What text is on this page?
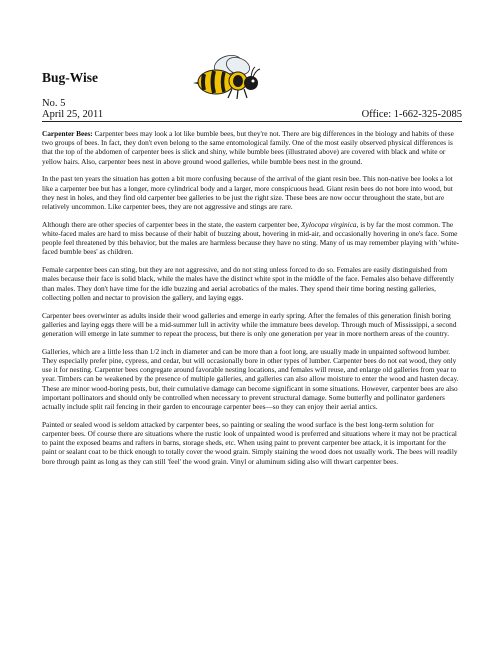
Bug-Wise
No. 5
April 25, 2011	Office: 1-662-325-2085

Carpenter Bees: Carpenter bees may look a lot like bumble bees, but they're not. There are big differences in the biology and habits of these two groups of bees. In fact, they don't even belong to the same entomological family. One of the most easily observed physical differences is that the top of the abdomen of carpenter bees is slick and shiny, while bumble bees (illustrated above) are covered with black and white or yellow hairs. Also, carpenter bees nest in above ground wood galleries, while bumble bees nest in the ground.

In the past ten years the situation has gotten a bit more confusing because of the arrival of the giant resin bee. This non-native bee looks a lot like a carpenter bee but has a longer, more cylindrical body and a larger, more conspicuous head. Giant resin bees do not bore into wood, but they nest in holes, and they find old carpenter bee galleries to be just the right size. These bees are now occur throughout the state, but are relatively uncommon. Like carpenter bees, they are not aggressive and stings are rare.

Although there are other species of carpenter bees in the state, the eastern carpenter bee, Xylocopa virginica, is by far the most common. The white-faced males are hard to miss because of their habit of buzzing about, hovering in mid-air, and occasionally hovering in one's face. Some people feel threatened by this behavior, but the males are harmless because they have no sting. Many of us may remember playing with 'white-faced bumble bees' as children.

Female carpenter bees can sting, but they are not aggressive, and do not sting unless forced to do so. Females are easily distinguished from males because their face is solid black, while the males have the distinct white spot in the middle of the face. Females also behave differently than males. They don't have time for the idle buzzing and aerial acrobatics of the males. They spend their time boring nesting galleries, collecting pollen and nectar to provision the gallery, and laying eggs.

Carpenter bees overwinter as adults inside their wood galleries and emerge in early spring. After the females of this generation finish boring galleries and laying eggs there will be a mid-summer lull in activity while the immature bees develop. Through much of Mississippi, a second generation will emerge in late summer to repeat the process, but there is only one generation per year in more northern areas of the country.

Galleries, which are a little less than 1/2 inch in diameter and can be more than a foot long, are usually made in unpainted softwood lumber. They especially prefer pine, cypress, and cedar, but will occasionally bore in other types of lumber. Carpenter bees do not eat wood, they only use it for nesting. Carpenter bees congregate around favorable nesting locations, and females will reuse, and enlarge old galleries from year to year. Timbers can be weakened by the presence of multiple galleries, and galleries can also allow moisture to enter the wood and hasten decay. These are minor wood-boring pests, but, their cumulative damage can become significant in some situations. However, carpenter bees are also important pollinators and should only be controlled when necessary to prevent structural damage. Some butterfly and pollinator gardeners actually include split rail fencing in their garden to encourage carpenter bees—so they can enjoy their aerial antics.

Painted or sealed wood is seldom attacked by carpenter bees, so painting or sealing the wood surface is the best long-term solution for carpenter bees. Of course there are situations where the rustic look of unpainted wood is preferred and situations where it may not be practical to paint the exposed beams and rafters in barns, storage sheds, etc. When using paint to prevent carpenter bee attack, it is important for the paint or sealant coat to be thick enough to totally cover the wood grain. Simply staining the wood does not usually work. The bees will readily bore through paint as long as they can still 'feel' the wood grain. Vinyl or aluminum siding also will thwart carpenter bees.
